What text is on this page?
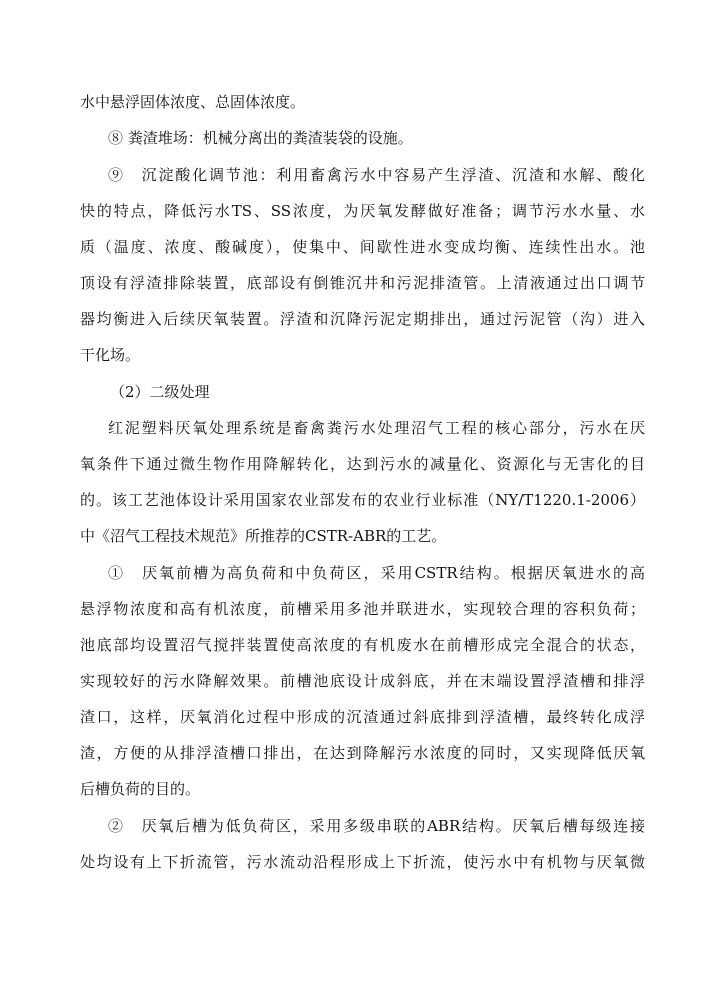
水中悬浮固体浓度、总固体浓度。
⑧ 粪渣堆场：机械分离出的粪渣装袋的设施。
⑨　沉淀酸化调节池：利用畜禽污水中容易产生浮渣、沉渣和水解、酸化
快的特点，降低污水TS、SS浓度，为厌氧发酵做好准备；调节污水水量、水
质（温度、浓度、酸碱度），使集中、间歇性进水变成均衡、连续性出水。池
顶设有浮渣排除装置，底部设有倒锥沉井和污泥排渣管。上清液通过出口调节
器均衡进入后续厌氧装置。浮渣和沉降污泥定期排出，通过污泥管（沟）进入
干化场。
（2）二级处理
红泥塑料厌氧处理系统是畜禽粪污水处理沼气工程的核心部分，污水在厌
氧条件下通过微生物作用降解转化，达到污水的减量化、资源化与无害化的目
的。该工艺池体设计采用国家农业部发布的农业行业标准（NY/T1220.1-2006）
中《沼气工程技术规范》所推荐的CSTR-ABR的工艺。
①　厌氧前槽为高负荷和中负荷区，采用CSTR结构。根据厌氧进水的高
悬浮物浓度和高有机浓度，前槽采用多池并联进水，实现较合理的容积负荷；
池底部均设置沼气搅拌装置使高浓度的有机废水在前槽形成完全混合的状态，
实现较好的污水降解效果。前槽池底设计成斜底，并在末端设置浮渣槽和排浮
渣口，这样，厌氧消化过程中形成的沉渣通过斜底排到浮渣槽，最终转化成浮
渣，方便的从排浮渣槽口排出，在达到降解污水浓度的同时，又实现降低厌氧
后槽负荷的目的。
②　厌氧后槽为低负荷区，采用多级串联的ABR结构。厌氧后槽每级连接
处均设有上下折流管，污水流动沿程形成上下折流，使污水中有机物与厌氧微
